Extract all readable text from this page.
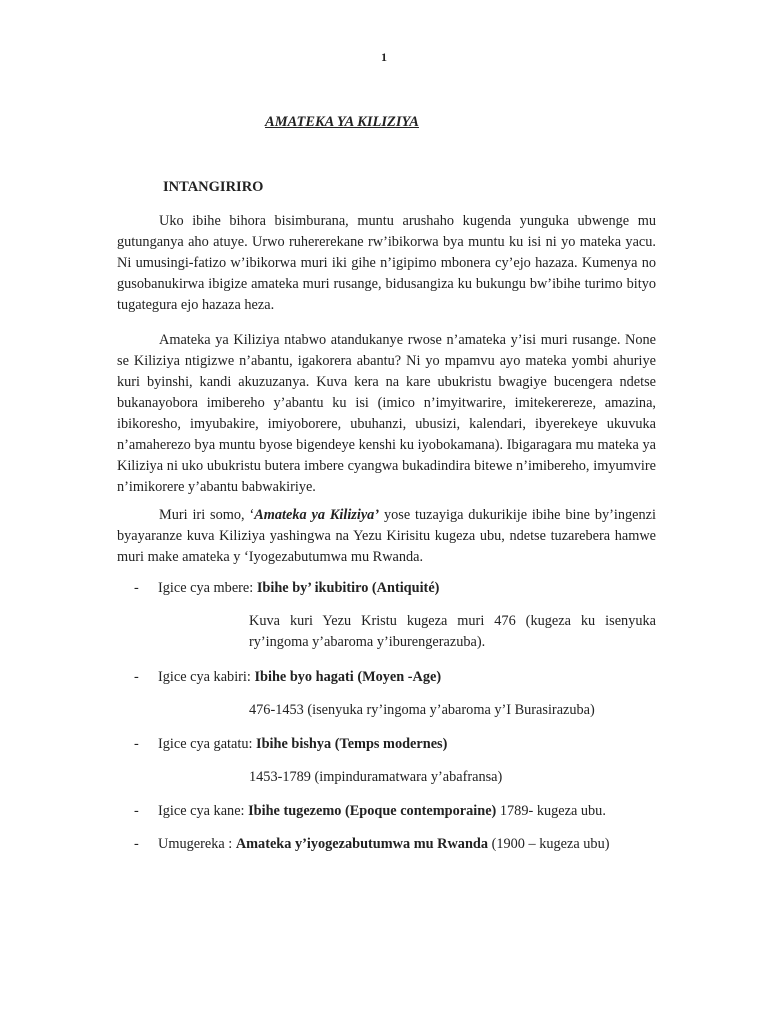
1
AMATEKA YA KILIZIYA
INTANGIRIRO

Uko ibihe bihora bisimburana, muntu arushaho kugenda yunguka ubwenge mu gutunganya aho atuye. Urwo ruhererekane rw’ibikorwa bya muntu ku isi ni yo mateka yacu. Ni umusingi-fatizo w’ibikorwa muri iki gihe n’igipimo mbonera cy’ejo hazaza. Kumenya no gusobanukirwa ibigize amateka muri rusange, bidusangiza ku bukungu bw’ibihe turimo bityo tugategura ejo hazaza heza.

Amateka ya Kiliziya ntabwo atandukanye rwose n’amateka y’isi muri rusange. None se Kiliziya ntigizwe n’abantu, igakorera abantu? Ni yo mpamvu ayo mateka yombi ahuriye kuri byinshi, kandi akuzuzanya. Kuva kera na kare ubukristu bwagiye bucengera ndetse bukanayobora imibereho y’abantu ku isi (imico n’imyitwarire, imitekerereze, amazina, ibikoresho, imyubakire, imiyoborere, ubuhanzi, ubusizi, kalendari, ibyerekeye ukuvuka n’amaherezo bya muntu byose bigendeye kenshi ku iyobokamana). Ibigaragara mu mateka ya Kiliziya ni uko ubukristu butera imbere cyangwa bukadindira bitewe n’imibereho, imyumvire n’imikorere y’abantu babwakiriye.

Muri iri somo, ‘Amateka ya Kiliziya’ yose tuzayiga dukurikije ibihe bine by’ingenzi byayaranze kuva Kiliziya yashingwa na Yezu Kirisitu kugeza ubu, ndetse tuzarebera hamwe muri make amateka y ‘Iyogezabutumwa mu Rwanda.

- Igice cya mbere: Ibihe by’ ikubitiro (Antiquité)
Kuva kuri Yezu Kristu kugeza muri 476 (kugeza ku isenyuka ry’ingoma y’abaroma y’iburengerazuba).
- Igice cya kabiri: Ibihe byo hagati (Moyen -Age)
476-1453 (isenyuka ry’ingoma y’abaroma y’I Burasirazuba)
- Igice cya gatatu: Ibihe bishya (Temps modernes)
1453-1789 (impinduramatwara y’abafransa)
- Igice cya kane: Ibihe tugezemo (Epoque contemporaine) 1789- kugeza ubu.
- Umugereka : Amateka y’iyogezabutumwa mu Rwanda (1900 – kugeza ubu)
